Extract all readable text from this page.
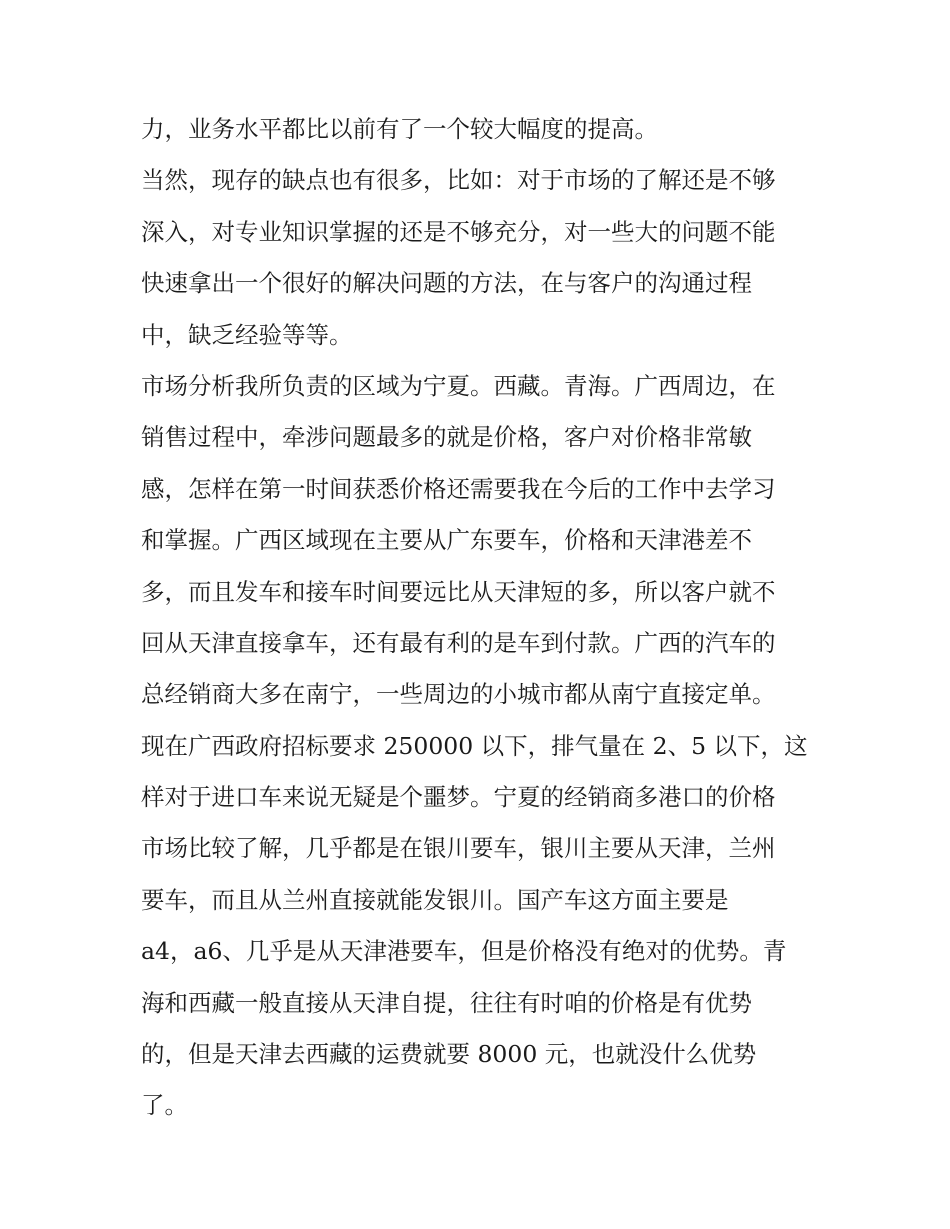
力，业务水平都比以前有了一个较大幅度的提高。
当然，现存的缺点也有很多，比如：对于市场的了解还是不够
深入，对专业知识掌握的还是不够充分，对一些大的问题不能
快速拿出一个很好的解决问题的方法，在与客户的沟通过程
中，缺乏经验等等。
市场分析我所负责的区域为宁夏。西藏。青海。广西周边，在
销售过程中，牵涉问题最多的就是价格，客户对价格非常敏
感，怎样在第一时间获悉价格还需要我在今后的工作中去学习
和掌握。广西区域现在主要从广东要车，价格和天津港差不
多，而且发车和接车时间要远比从天津短的多，所以客户就不
回从天津直接拿车，还有最有利的是车到付款。广西的汽车的
总经销商大多在南宁，一些周边的小城市都从南宁直接定单。
现在广西政府招标要求 250000 以下，排气量在 2、5 以下，这
样对于进口车来说无疑是个噩梦。宁夏的经销商多港口的价格
市场比较了解，几乎都是在银川要车，银川主要从天津，兰州
要车，而且从兰州直接就能发银川。国产车这方面主要是
a4，a6、几乎是从天津港要车，但是价格没有绝对的优势。青
海和西藏一般直接从天津自提，往往有时咱的价格是有优势
的，但是天津去西藏的运费就要 8000 元，也就没什么优势
了。
